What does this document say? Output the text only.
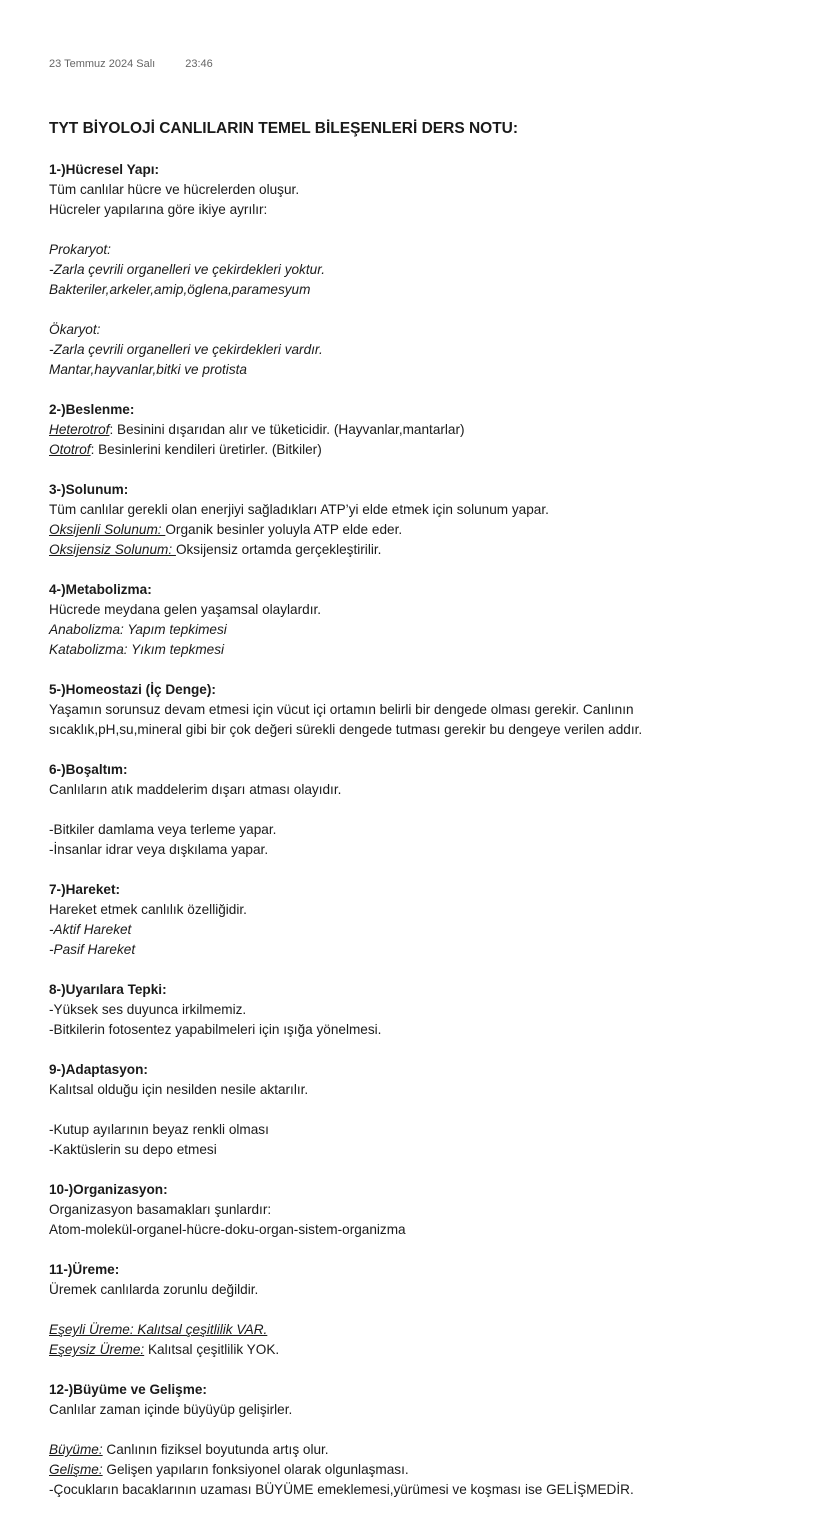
23 Temmuz 2024 Salı	23:46
TYT BİYOLOJİ CANLILARIN TEMEL BİLEŞENLERİ DERS NOTU:
1-)Hücresel Yapı:
Tüm canlılar hücre ve hücrelerden oluşur.
Hücreler yapılarına göre ikiye ayrılır:
Prokaryot:
-Zarla çevrili organelleri ve çekirdekleri yoktur.
Bakteriler,arkeler,amip,öglena,paramesyum
Ökaryot:
-Zarla çevrili organelleri ve çekirdekleri vardır.
Mantar,hayvanlar,bitki ve protista
2-)Beslenme:
Heterotrof: Besinini dışarıdan alır ve tüketicidir. (Hayvanlar,mantarlar)
Ototrof: Besinlerini kendileri üretirler. (Bitkiler)
3-)Solunum:
Tüm canlılar gerekli olan enerjiyi sağladıkları ATP’yi elde etmek için solunum yapar.
Oksijenli Solunum: Organik besinler yoluyla ATP elde eder.
Oksijensiz Solunum: Oksijensiz ortamda gerçekleştirilir.
4-)Metabolizma:
Hücrede meydana gelen yaşamsal olaylardır.
Anabolizma: Yapım tepkimesi
Katabolizma: Yıkım tepkmesi
5-)Homeostazi (İç Denge):
Yaşamın sorunsuz devam etmesi için vücut içi ortamın belirli bir dengede olması gerekir. Canlının
sıcaklık,pH,su,mineral gibi bir çok değeri sürekli dengede tutması gerekir bu dengeye verilen addır.
6-)Boşaltım:
Canlıların atık maddelerim dışarı atması olayıdır.
-Bitkiler damlama veya terleme yapar.
-İnsanlar idrar veya dışkılama yapar.
7-)Hareket:
Hareket etmek canlılık özelliğidir.
-Aktif Hareket
-Pasif Hareket
8-)Uyarılara Tepki:
-Yüksek ses duyunca irkilmemiz.
-Bitkilerin fotosentez yapabilmeleri için ışığa yönelmesi.
9-)Adaptasyon:
Kalıtsal olduğu için nesilden nesile aktarılır.
-Kutup ayılarının beyaz renkli olması
-Kaktüslerin su depo etmesi
10-)Organizasyon:
Organizasyon basamakları şunlardır:
Atom-molekül-organel-hücre-doku-organ-sistem-organizma
11-)Üreme:
Üremek canlılarda zorunlu değildir.
Eşeyli Üreme: Kalıtsal çeşitlilik VAR.
Eşeysiz Üreme: Kalıtsal çeşitlilik YOK.
12-)Büyüme ve Gelişme:
Canlılar zaman içinde büyüyüp gelişirler.
Büyüme: Canlının fiziksel boyutunda artış olur.
Gelişme: Gelişen yapıların fonksiyonel olarak olgunlaşması.
-Çocukların bacaklarının uzaması BÜYÜME emeklemesi,yürümesi ve koşması ise GELİŞMEDİR.
